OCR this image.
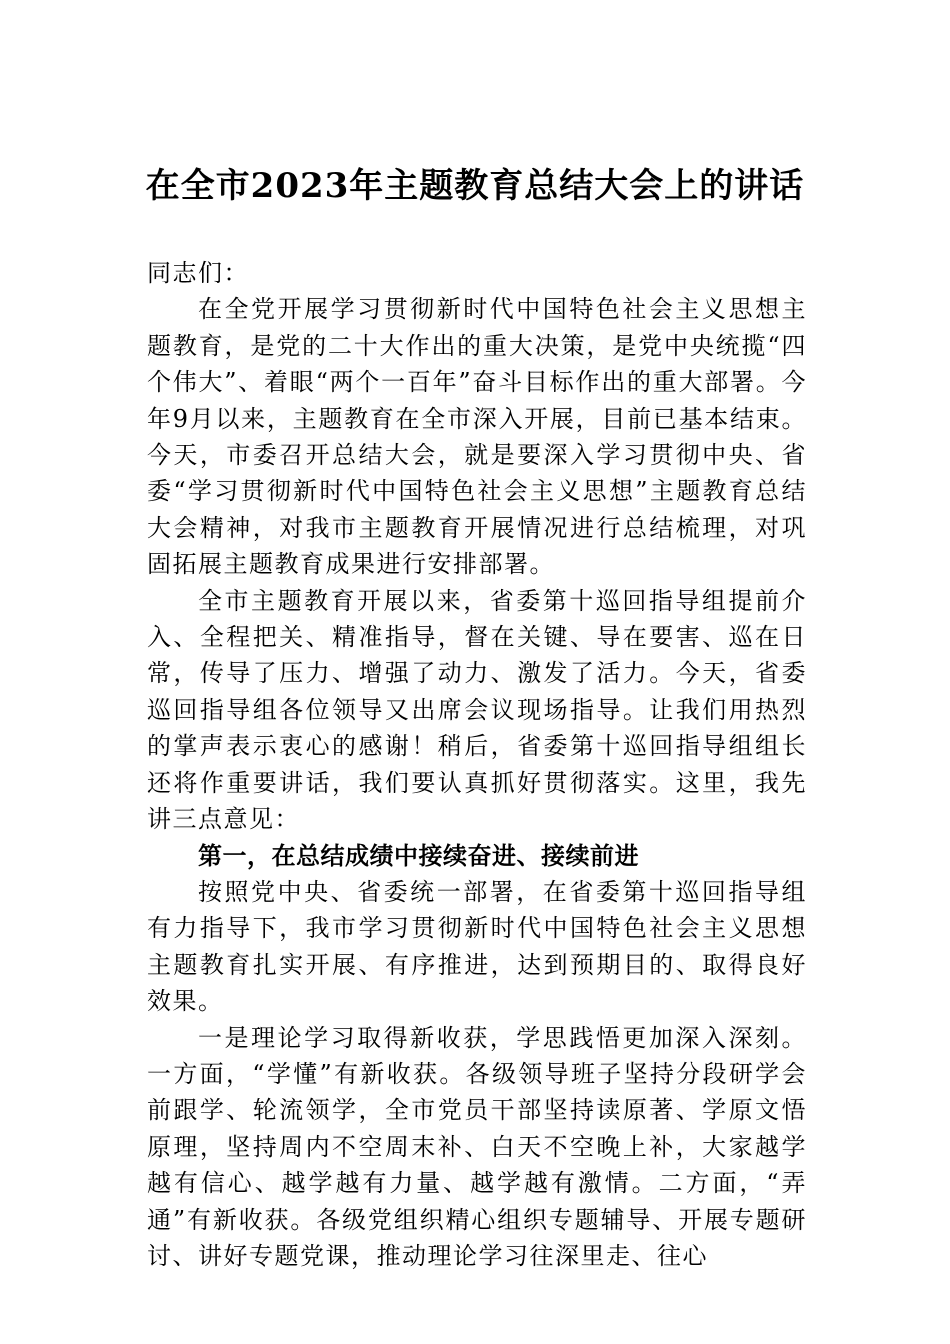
在全市2023年主题教育总结大会上的讲话

同志们：

在全党开展学习贯彻新时代中国特色社会主义思想主题教育，是党的二十大作出的重大决策，是党中央统揽“四个伟大”、着眼“两个一百年”奋斗目标作出的重大部署。今年9月以来，主题教育在全市深入开展，目前已基本结束。今天，市委召开总结大会，就是要深入学习贯彻中央、省委“学习贯彻新时代中国特色社会主义思想”主题教育总结大会精神，对我市主题教育开展情况进行总结梳理，对巩固拓展主题教育成果进行安排部署。

全市主题教育开展以来，省委第十巡回指导组提前介入、全程把关、精准指导，督在关键、导在要害、巡在日常，传导了压力、增强了动力、激发了活力。今天，省委巡回指导组各位领导又出席会议现场指导。让我们用热烈的掌声表示衷心的感谢！稍后，省委第十巡回指导组组长还将作重要讲话，我们要认真抓好贯彻落实。这里，我先讲三点意见：

第一，在总结成绩中接续奋进、接续前进

按照党中央、省委统一部署，在省委第十巡回指导组有力指导下，我市学习贯彻新时代中国特色社会主义思想主题教育扎实开展、有序推进，达到预期目的、取得良好效果。

一是理论学习取得新收获，学思践悟更加深入深刻。一方面，“学懂”有新收获。各级领导班子坚持分段研学会前跟学、轮流领学，全市党员干部坚持读原著、学原文悟原理，坚持周内不空周末补、白天不空晚上补，大家越学越有信心、越学越有力量、越学越有激情。二方面，“弄通”有新收获。各级党组织精心组织专题辅导、开展专题研讨、讲好专题党课，推动理论学习往深里走、往心
